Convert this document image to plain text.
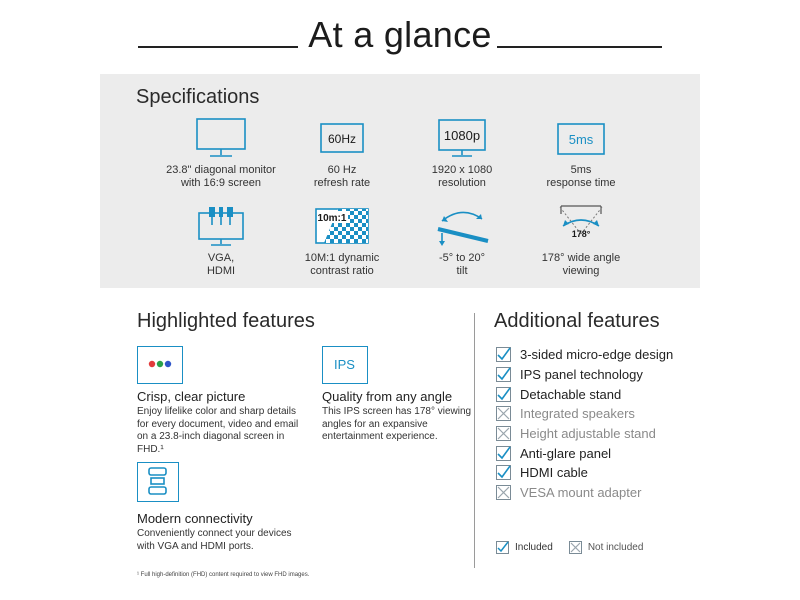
At a glance
Specifications
23.8" diagonal monitor
with 16:9 screen
60Hz
60 Hz
refresh rate
1080p
1920 x 1080
resolution
5ms
5ms
response time
VGA,
HDMI
10m:1
10M:1 dynamic
contrast ratio
-5° to 20°
tilt
178°
178° wide angle
viewing
Highlighted features
Crisp, clear picture
Enjoy lifelike color and sharp details for every document, video and email on a 23.8-inch diagonal screen in FHD.¹
IPS
Quality from any angle
This IPS screen has 178° viewing angles for an expansive entertainment experience.
Modern connectivity
Conveniently connect your devices with VGA and HDMI ports.
Additional features
3-sided micro-edge design
IPS panel technology
Detachable stand
Integrated speakers
Height adjustable stand
Anti-glare panel
HDMI cable
VESA mount adapter
Included	Not included
¹ Full high-definition (FHD) content required to view FHD images.
